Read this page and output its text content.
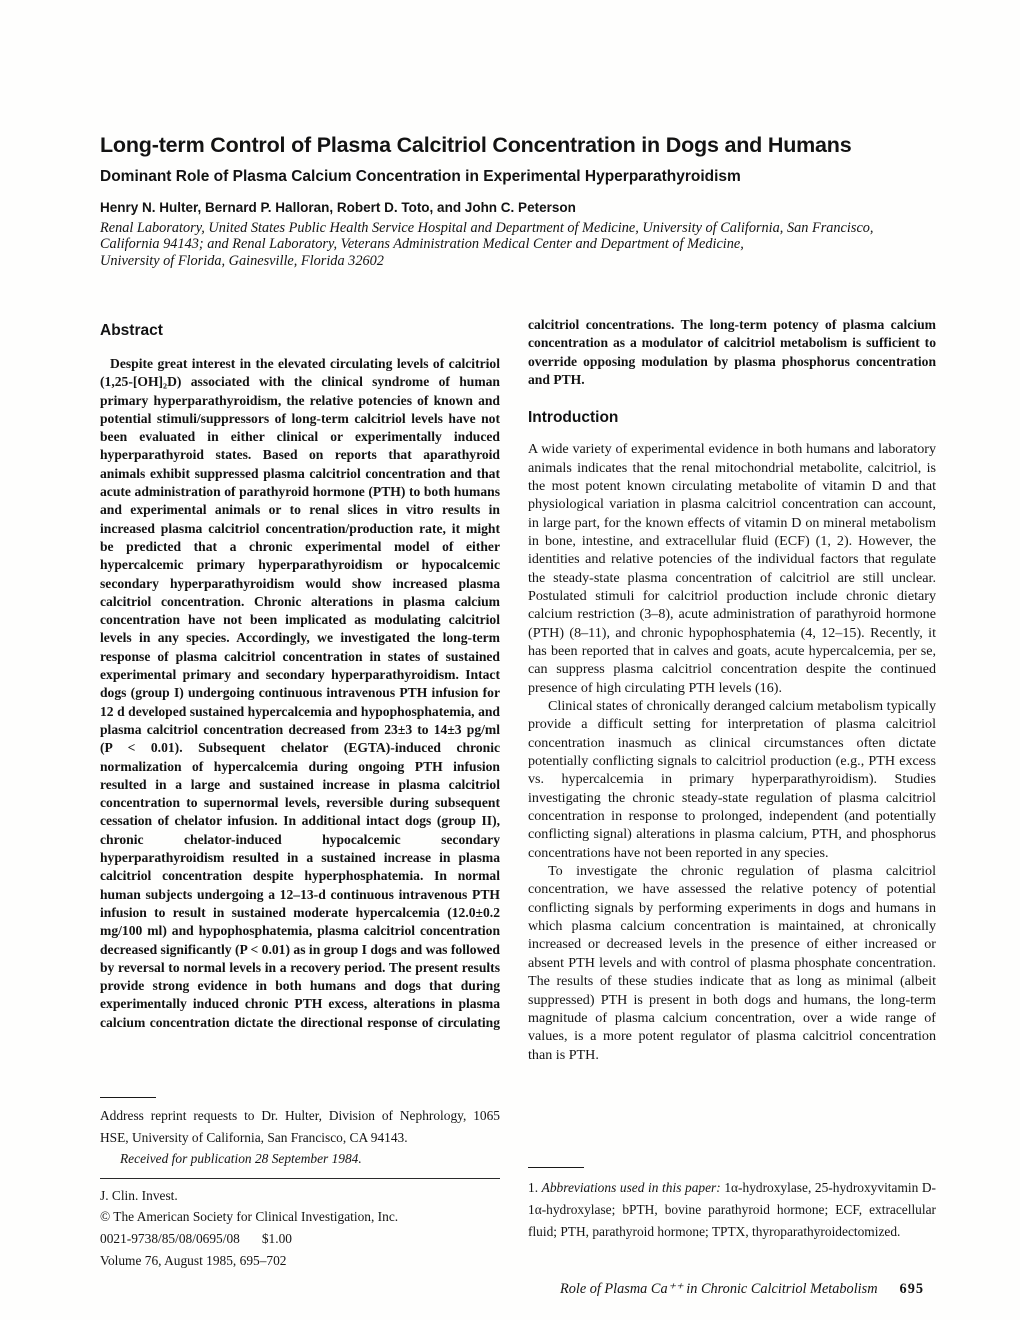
Long-term Control of Plasma Calcitriol Concentration in Dogs and Humans
Dominant Role of Plasma Calcium Concentration in Experimental Hyperparathyroidism
Henry N. Hulter, Bernard P. Halloran, Robert D. Toto, and John C. Peterson
Renal Laboratory, United States Public Health Service Hospital and Department of Medicine, University of California, San Francisco,
California 94143; and Renal Laboratory, Veterans Administration Medical Center and Department of Medicine,
University of Florida, Gainesville, Florida 32602
Abstract

Despite great interest in the elevated circulating levels of calcitriol (1,25-[OH]₂D) associated with the clinical syndrome of human primary hyperparathyroidism, the relative potencies of known and potential stimuli/suppressors of long-term calcitriol levels have not been evaluated in either clinical or experimentally induced hyperparathyroid states. Based on reports that aparathyroid animals exhibit suppressed plasma calcitriol concentration and that acute administration of parathyroid hormone (PTH) to both humans and experimental animals or to renal slices in vitro results in increased plasma calcitriol concentration/production rate, it might be predicted that a chronic experimental model of either hypercalcemic primary hyperparathyroidism or hypocalcemic secondary hyperparathyroidism would show increased plasma calcitriol concentration. Chronic alterations in plasma calcium concentration have not been implicated as modulating calcitriol levels in any species. Accordingly, we investigated the long-term response of plasma calcitriol concentration in states of sustained experimental primary and secondary hyperparathyroidism. Intact dogs (group I) undergoing continuous intravenous PTH infusion for 12 d developed sustained hypercalcemia and hypophosphatemia, and plasma calcitriol concentration decreased from 23±3 to 14±3 pg/ml (P < 0.01). Subsequent chelator (EGTA)-induced chronic normalization of hypercalcemia during ongoing PTH infusion resulted in a large and sustained increase in plasma calcitriol concentration to supernormal levels, reversible during subsequent cessation of chelator infusion. In additional intact dogs (group II), chronic chelator-induced hypocalcemic secondary hyperparathyroidism resulted in a sustained increase in plasma calcitriol concentration despite hyperphosphatemia. In normal human subjects undergoing a 12–13-d continuous intravenous PTH infusion to result in sustained moderate hypercalcemia (12.0±0.2 mg/100 ml) and hypophosphatemia, plasma calcitriol concentration decreased significantly (P < 0.01) as in group I dogs and was followed by reversal to normal levels in a recovery period. The present results provide strong evidence in both humans and dogs that during experimentally induced chronic PTH excess, alterations in plasma calcium concentration dictate the directional response of circulating

calcitriol concentrations. The long-term potency of plasma calcium concentration as a modulator of calcitriol metabolism is sufficient to override opposing modulation by plasma phosphorus concentration and PTH.

Introduction

A wide variety of experimental evidence in both humans and laboratory animals indicates that the renal mitochondrial metabolite, calcitriol, is the most potent known circulating metabolite of vitamin D and that physiological variation in plasma calcitriol concentration can account, in large part, for the known effects of vitamin D on mineral metabolism in bone, intestine, and extracellular fluid (ECF) (1, 2). However, the identities and relative potencies of the individual factors that regulate the steady-state plasma concentration of calcitriol are still unclear. Postulated stimuli for calcitriol production include chronic dietary calcium restriction (3–8), acute administration of parathyroid hormone (PTH) (8–11), and chronic hypophosphatemia (4, 12–15). Recently, it has been reported that in calves and goats, acute hypercalcemia, per se, can suppress plasma calcitriol concentration despite the continued presence of high circulating PTH levels (16).

Clinical states of chronically deranged calcium metabolism typically provide a difficult setting for interpretation of plasma calcitriol concentration inasmuch as clinical circumstances often dictate potentially conflicting signals to calcitriol production (e.g., PTH excess vs. hypercalcemia in primary hyperparathyroidism). Studies investigating the chronic steady-state regulation of plasma calcitriol concentration in response to prolonged, independent (and potentially conflicting signal) alterations in plasma calcium, PTH, and phosphorus concentrations have not been reported in any species.

To investigate the chronic regulation of plasma calcitriol concentration, we have assessed the relative potency of potential conflicting signals by performing experiments in dogs and humans in which plasma calcium concentration is maintained, at chronically increased or decreased levels in the presence of either increased or absent PTH levels and with control of plasma phosphate concentration. The results of these studies indicate that as long as minimal (albeit suppressed) PTH is present in both dogs and humans, the long-term magnitude of plasma calcium concentration, over a wide range of values, is a more potent regulator of plasma calcitriol concentration than is PTH.

Address reprint requests to Dr. Hulter, Division of Nephrology, 1065 HSE, University of California, San Francisco, CA 94143.

Received for publication 28 September 1984.

J. Clin. Invest.

© The American Society for Clinical Investigation, Inc.

0021-9738/85/08/0695/08 $1.00

Volume 76, August 1985, 695–702

1. Abbreviations used in this paper: 1α-hydroxylase, 25-hydroxyvitamin D-1α-hydroxylase; bPTH, bovine parathyroid hormone; ECF, extracellular fluid; PTH, parathyroid hormone; TPTX, thyroparathyroidectomized.

Role of Plasma Ca⁺⁺ in Chronic Calcitriol Metabolism 695
